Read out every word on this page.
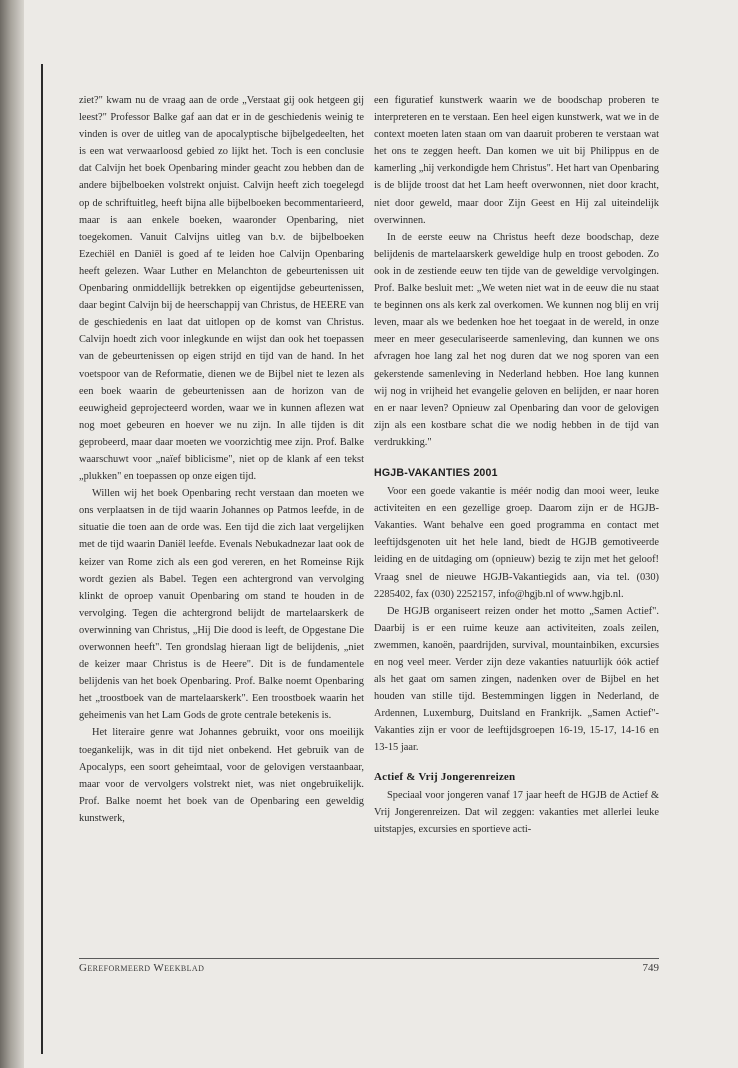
ziet?" kwam nu de vraag aan de orde „Verstaat gij ook hetgeen gij leest?" Professor Balke gaf aan dat er in de geschiedenis weinig te vinden is over de uitleg van de apocalyptische bijbelgedeelten, het is een wat verwaarloosd gebied zo lijkt het. Toch is een conclusie dat Calvijn het boek Openbaring minder geacht zou hebben dan de andere bijbelboeken volstrekt onjuist. Calvijn heeft zich toegelegd op de schriftuitleg, heeft bijna alle bijbelboeken becommentarieerd, maar is aan enkele boeken, waaronder Openbaring, niet toegekomen. Vanuit Calvijns uitleg van b.v. de bijbelboeken Ezechiël en Daniël is goed af te leiden hoe Calvijn Openbaring heeft gelezen. Waar Luther en Melanchton de gebeurtenissen uit Openbaring onmiddellijk betrekken op eigentijdse gebeurtenissen, daar begint Calvijn bij de heerschappij van Christus, de HEERE van de geschiedenis en laat dat uitlopen op de komst van Christus. Calvijn hoedt zich voor inlegkunde en wijst dan ook het toepassen van de gebeurtenissen op eigen strijd en tijd van de hand. In het voetspoor van de Reformatie, dienen we de Bijbel niet te lezen als een boek waarin de gebeurtenissen aan de horizon van de eeuwigheid geprojecteerd worden, waar we in kunnen aflezen wat nog moet gebeuren en hoever we nu zijn. In alle tijden is dit geprobeerd, maar daar moeten we voorzichtig mee zijn. Prof. Balke waarschuwt voor „naïef biblicisme", niet op de klank af een tekst „plukken" en toepassen op onze eigen tijd.

Willen wij het boek Openbaring recht verstaan dan moeten we ons verplaatsen in de tijd waarin Johannes op Patmos leefde, in de situatie die toen aan de orde was. Een tijd die zich laat vergelijken met de tijd waarin Daniël leefde. Evenals Nebukadnezar laat ook de keizer van Rome zich als een god vereren, en het Romeinse Rijk wordt gezien als Babel. Tegen een achtergrond van vervolging klinkt de oproep vanuit Openbaring om stand te houden in de vervolging. Tegen die achtergrond belijdt de martelaarskerk de overwinning van Christus, „Hij Die dood is leeft, de Opgestane Die overwonnen heeft". Ten grondslag hieraan ligt de belijdenis, „niet de keizer maar Christus is de Heere". Dit is de fundamentele belijdenis van het boek Openbaring. Prof. Balke noemt Openbaring het „troostboek van de martelaarskerk". Een troostboek waarin het geheimenis van het Lam Gods de grote centrale betekenis is.

Het literaire genre wat Johannes gebruikt, voor ons moeilijk toegankelijk, was in dit tijd niet onbekend. Het gebruik van de Apocalyps, een soort geheimtaal, voor de gelovigen verstaanbaar, maar voor de vervolgers volstrekt niet, was niet ongebruikelijk. Prof. Balke noemt het boek van de Openbaring een geweldig kunstwerk,

een figuratief kunstwerk waarin we de boodschap proberen te interpreteren en te verstaan. Een heel eigen kunstwerk, wat we in de context moeten laten staan om van daaruit proberen te verstaan wat het ons te zeggen heeft. Dan komen we uit bij Philippus en de kamerling „hij verkondigde hem Christus". Het hart van Openbaring is de blijde troost dat het Lam heeft overwonnen, niet door kracht, niet door geweld, maar door Zijn Geest en Hij zal uiteindelijk overwinnen.

In de eerste eeuw na Christus heeft deze boodschap, deze belijdenis de martelaarskerk geweldige hulp en troost geboden. Zo ook in de zestiende eeuw ten tijde van de geweldige vervolgingen. Prof. Balke besluit met: „We weten niet wat in de eeuw die nu staat te beginnen ons als kerk zal overkomen. We kunnen nog blij en vrij leven, maar als we bedenken hoe het toegaat in de wereld, in onze meer en meer geseculariseerde samenleving, dan kunnen we ons afvragen hoe lang zal het nog duren dat we nog sporen van een gekerstende samenleving in Nederland hebben. Hoe lang kunnen wij nog in vrijheid het evangelie geloven en belijden, er naar horen en er naar leven? Opnieuw zal Openbaring dan voor de gelovigen zijn als een kostbare schat die we nodig hebben in de tijd van verdrukking."

HGJB-VAKANTIES 2001

Voor een goede vakantie is méér nodig dan mooi weer, leuke activiteiten en een gezellige groep. Daarom zijn er de HGJB-Vakanties. Want behalve een goed programma en contact met leeftijdsgenoten uit het hele land, biedt de HGJB gemotiveerde leiding en de uitdaging om (opnieuw) bezig te zijn met het geloof! Vraag snel de nieuwe HGJB-Vakantiegids aan, via tel. (030) 2285402, fax (030) 2252157, info@hgjb.nl of www.hgjb.nl.

De HGJB organiseert reizen onder het motto „Samen Actief". Daarbij is er een ruime keuze aan activiteiten, zoals zeilen, zwemmen, kanoën, paardrijden, survival, mountainbiken, excursies en nog veel meer. Verder zijn deze vakanties natuurlijk óók actief als het gaat om samen zingen, nadenken over de Bijbel en het houden van stille tijd. Bestemmingen liggen in Nederland, de Ardennen, Luxemburg, Duitsland en Frankrijk. „Samen Actief"-Vakanties zijn er voor de leeftijdsgroepen 16-19, 15-17, 14-16 en 13-15 jaar.

Actief & Vrij Jongerenreizen

Speciaal voor jongeren vanaf 17 jaar heeft de HGJB de Actief & Vrij Jongerenreizen. Dat wil zeggen: vakanties met allerlei leuke uitstapjes, excursies en sportieve acti-

Gereformeerd Weekblad	749
